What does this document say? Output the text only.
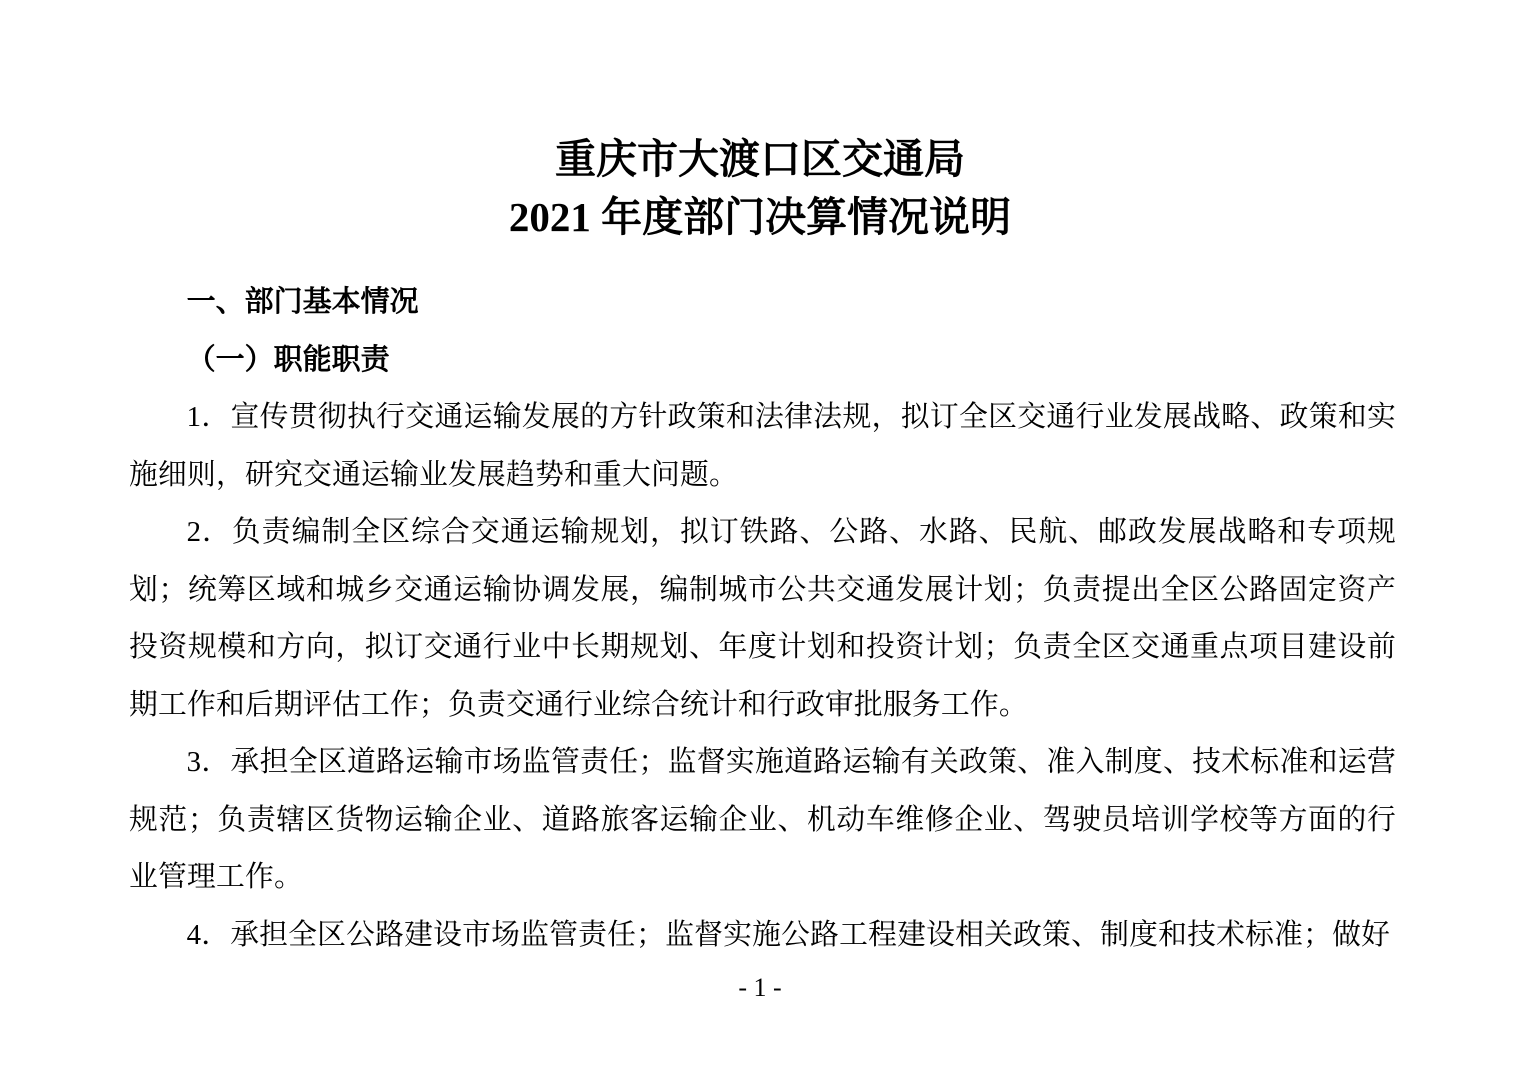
重庆市大渡口区交通局
2021 年度部门决算情况说明
一、部门基本情况
（一）职能职责

1．宣传贯彻执行交通运输发展的方针政策和法律法规，拟订全区交通行业发展战略、政策和实施细则，研究交通运输业发展趋势和重大问题。

2．负责编制全区综合交通运输规划，拟订铁路、公路、水路、民航、邮政发展战略和专项规划；统筹区域和城乡交通运输协调发展，编制城市公共交通发展计划；负责提出全区公路固定资产投资规模和方向，拟订交通行业中长期规划、年度计划和投资计划；负责全区交通重点项目建设前期工作和后期评估工作；负责交通行业综合统计和行政审批服务工作。

3．承担全区道路运输市场监管责任；监督实施道路运输有关政策、准入制度、技术标准和运营规范；负责辖区货物运输企业、道路旅客运输企业、机动车维修企业、驾驶员培训学校等方面的行业管理工作。

4．承担全区公路建设市场监管责任；监督实施公路工程建设相关政策、制度和技术标准；做好

- 1 -
